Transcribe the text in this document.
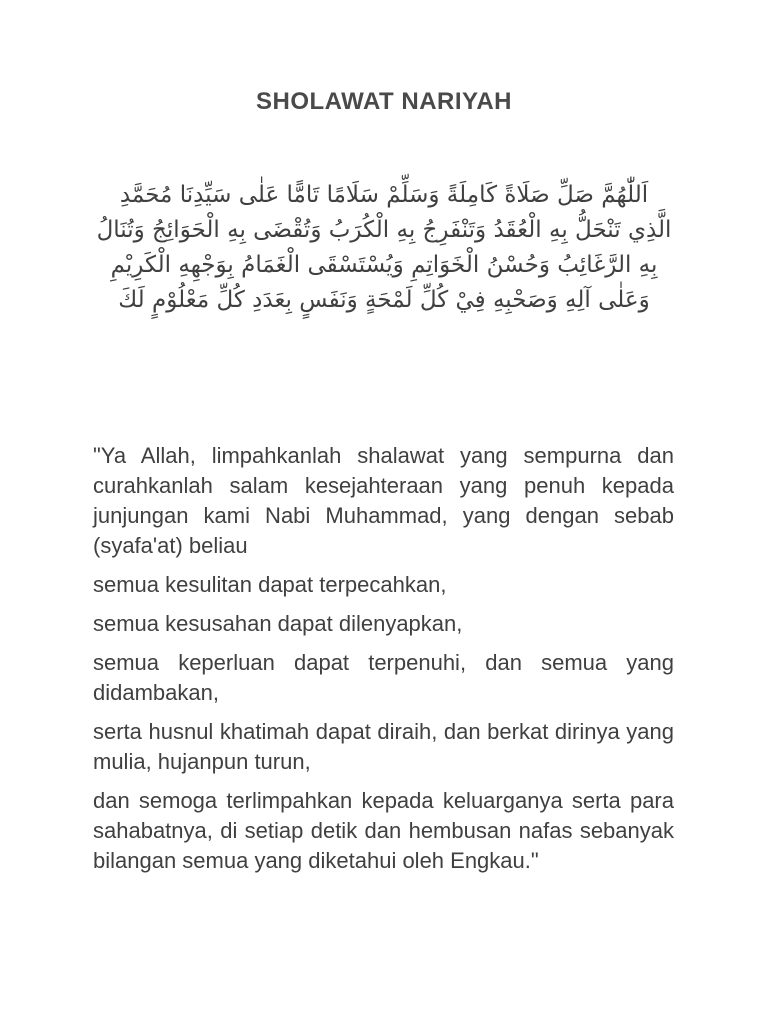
SHOLAWAT NARIYAH

اَللّٰهُمَّ صَلِّ صَلَاةً كَامِلَةً وَسَلِّمْ سَلَامًا تَامًّا عَلٰى سَيِّدِنَا مُحَمَّدِ الَّذِي تَنْحَلُّ بِهِ الْعُقَدُ وَتَنْفَرِجُ بِهِ الْكُرَبُ وَتُقْضَى بِهِ الْحَوَائِجُ وَتُنَالُ بِهِ الرَّغَائِبُ وَحُسْنُ الْخَوَاتِمِ وَيُسْتَسْقَى الْغَمَامُ بِوَجْهِهِ الْكَرِيْمِ وَعَلٰى آلِهِ وَصَحْبِهِ فِيْ كُلِّ لَمْحَةٍ وَنَفَسٍ بِعَدَدِ كُلِّ مَعْلُوْمٍ لَكَ

"Ya Allah, limpahkanlah shalawat yang sempurna dan curahkanlah salam kesejahteraan yang penuh kepada junjungan kami Nabi Muhammad, yang dengan sebab (syafa'at) beliau

semua kesulitan dapat terpecahkan,

semua kesusahan dapat dilenyapkan,

semua keperluan dapat terpenuhi, dan semua yang didambakan,

serta husnul khatimah dapat diraih, dan berkat dirinya yang mulia, hujanpun turun,

dan semoga terlimpahkan kepada keluarganya serta para sahabatnya, di setiap detik dan hembusan nafas sebanyak bilangan semua yang diketahui oleh Engkau."
